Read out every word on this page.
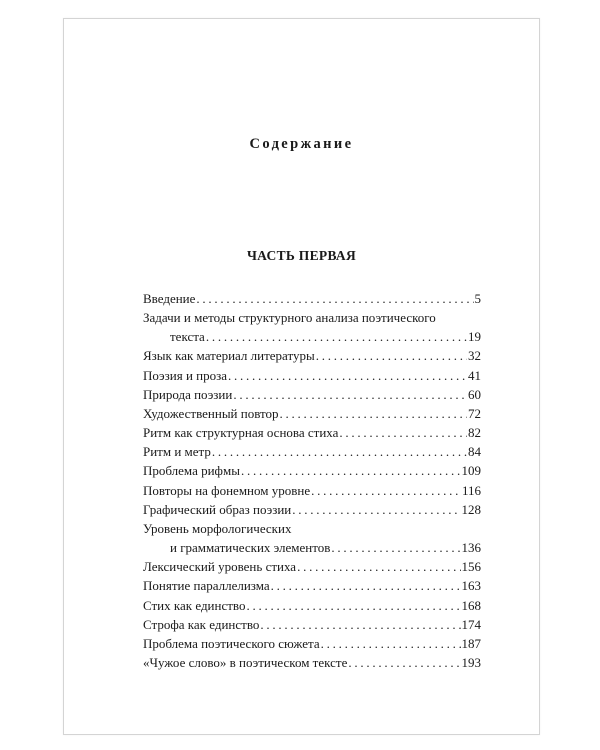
Содержание
ЧАСТЬ ПЕРВАЯ
Введение . . .	5
Задачи и методы структурного анализа поэтического
текста . . .	19
Язык как материал литературы . . .	32
Поэзия и проза . . .	41
Природа поэзии . . .	60
Художественный повтор . . .	72
Ритм как структурная основа стиха . . .	82
Ритм и метр . . .	84
Проблема рифмы . . .	109
Повторы на фонемном уровне . . .	116
Графический образ поэзии . . .	128
Уровень морфологических
и грамматических элементов . . .	136
Лексический уровень стиха . . .	156
Понятие параллелизма . . .	163
Стих как единство . . .	168
Строфа как единство . . .	174
Проблема поэтического сюжета . . .	187
«Чужое слово» в поэтическом тексте . . .	193
